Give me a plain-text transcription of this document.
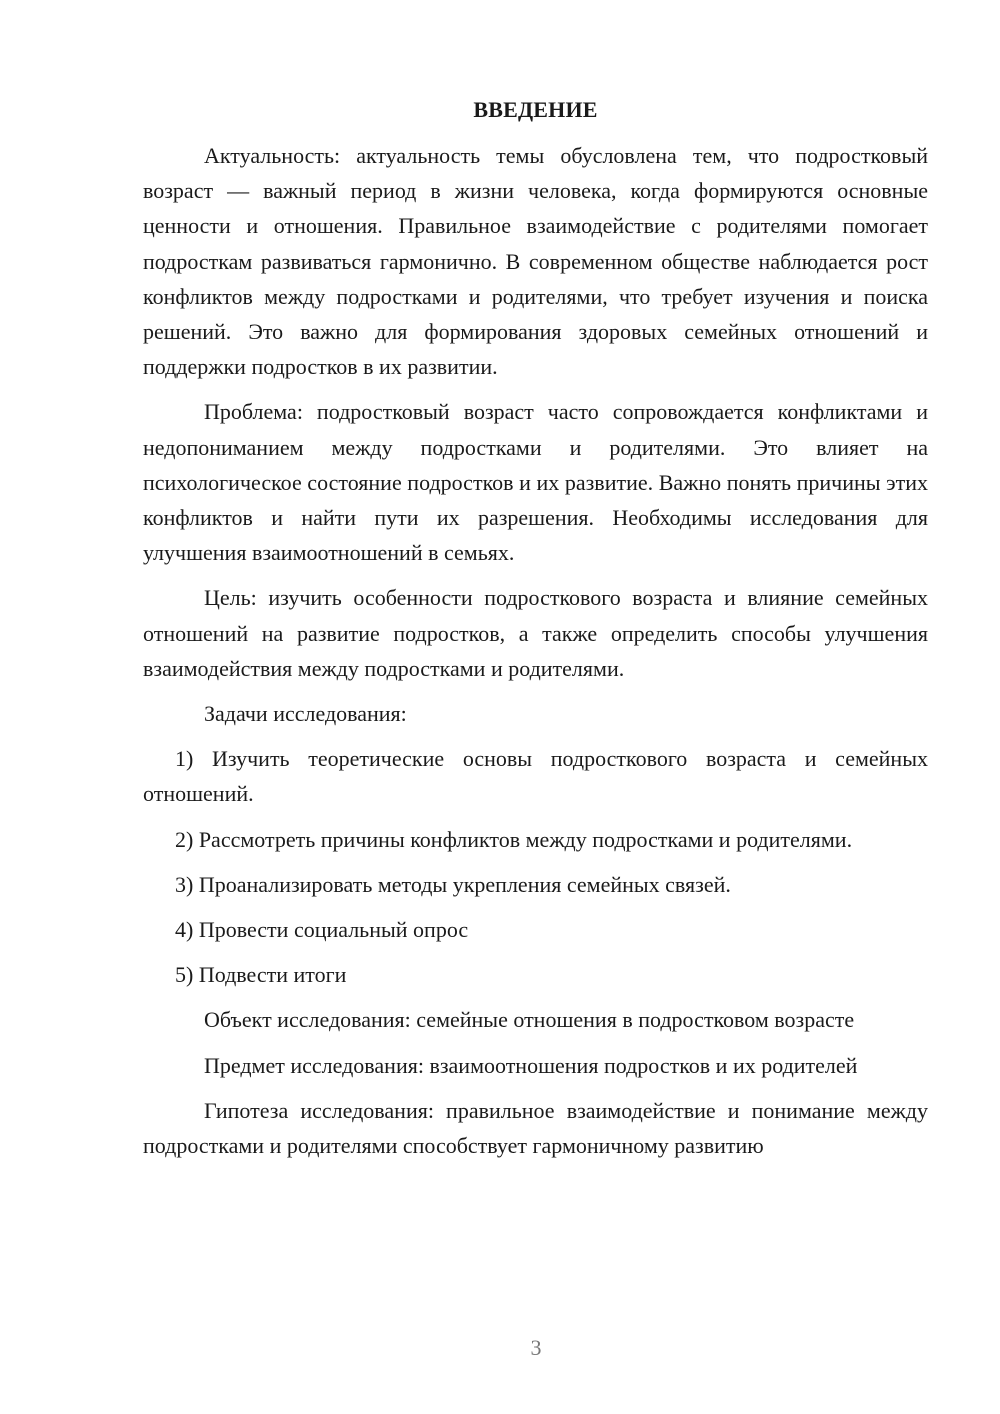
ВВЕДЕНИЕ

Актуальность: актуальность темы обусловлена тем, что подростковый возраст — важный период в жизни человека, когда формируются основные ценности и отношения. Правильное взаимодействие с родителями помогает подросткам развиваться гармонично. В современном обществе наблюдается рост конфликтов между подростками и родителями, что требует изучения и поиска решений. Это важно для формирования здоровых семейных отношений и поддержки подростков в их развитии.

Проблема: подростковый возраст часто сопровождается конфликтами и недопониманием между подростками и родителями. Это влияет на психологическое состояние подростков и их развитие. Важно понять причины этих конфликтов и найти пути их разрешения. Необходимы исследования для улучшения взаимоотношений в семьях.

Цель: изучить особенности подросткового возраста и влияние семейных отношений на развитие подростков, а также определить способы улучшения взаимодействия между подростками и родителями.

Задачи исследования:

1) Изучить теоретические основы подросткового возраста и семейных отношений.

2) Рассмотреть причины конфликтов между подростками и родителями.

3) Проанализировать методы укрепления семейных связей.

4) Провести социальный опрос

5) Подвести итоги

Объект исследования: семейные отношения в подростковом возрасте

Предмет исследования: взаимоотношения подростков и их родителей

Гипотеза исследования: правильное взаимодействие и понимание между подростками и родителями способствует гармоничному развитию

3
